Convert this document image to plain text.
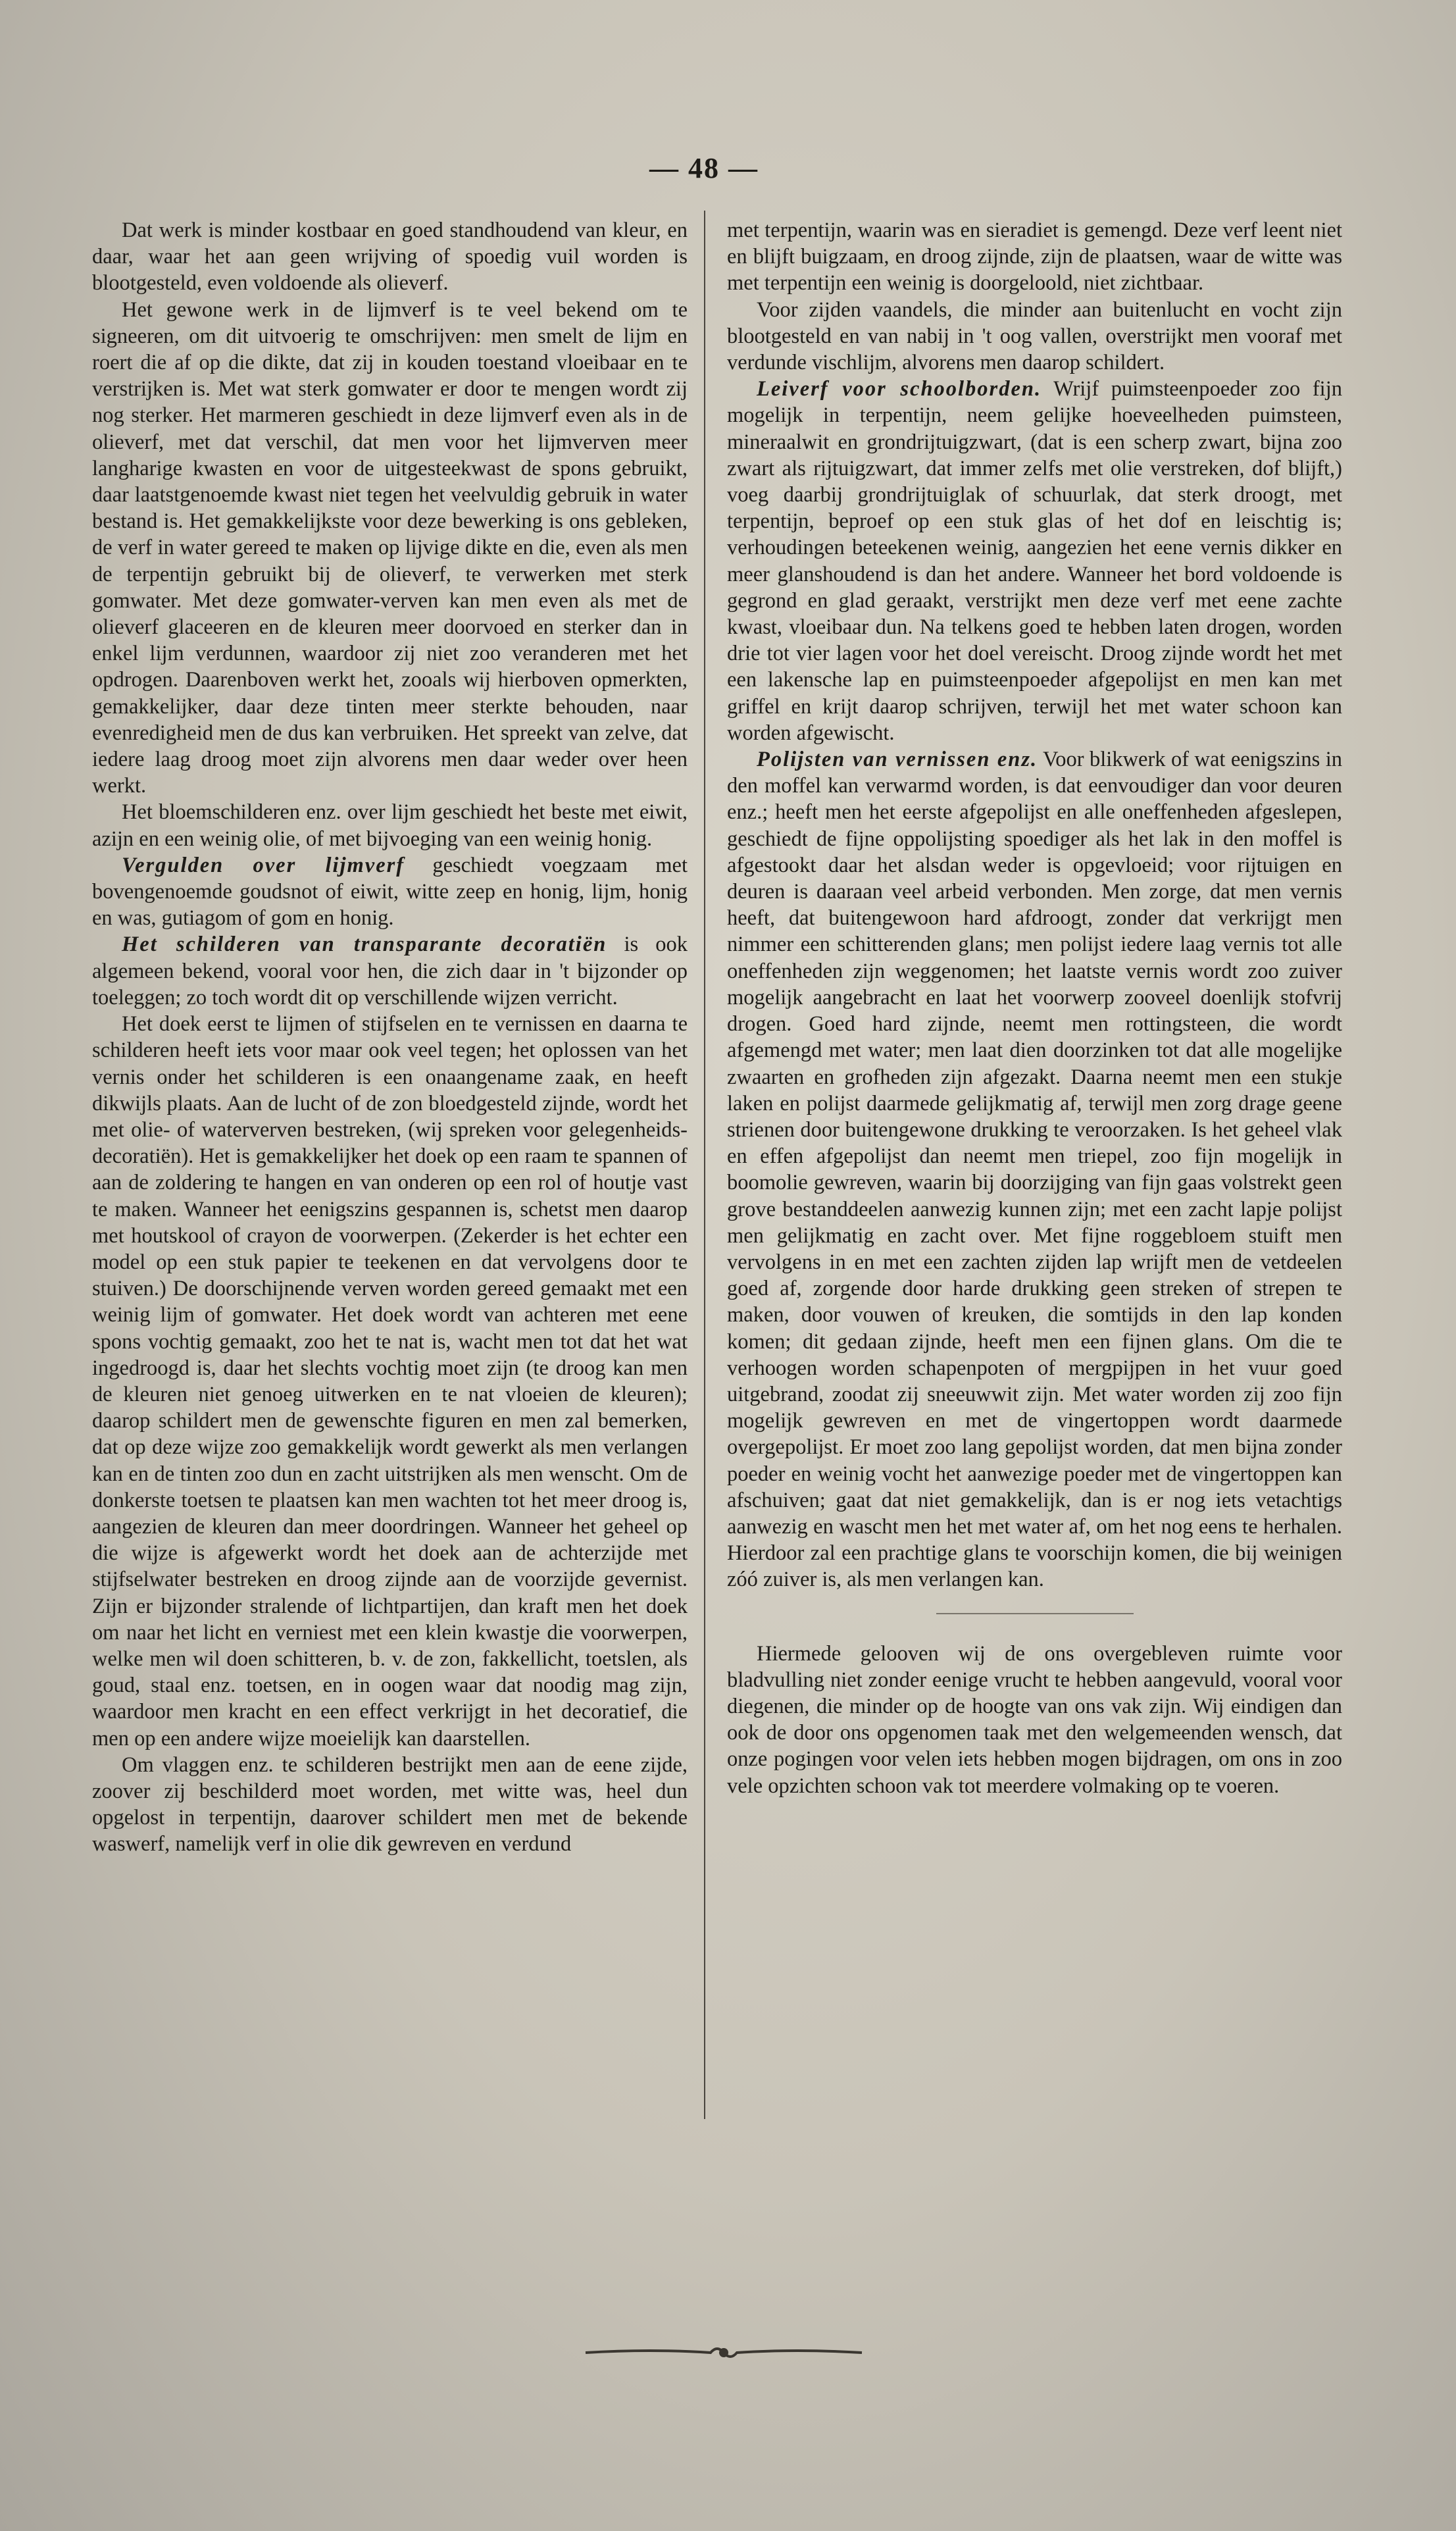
— 48 —

Dat werk is minder kostbaar en goed standhoudend van kleur, en daar, waar het aan geen wrijving of spoedig vuil worden is blootgesteld, even voldoende als olieverf.

Het gewone werk in de lijmverf is te veel bekend om te signeeren, om dit uitvoerig te omschrijven: men smelt de lijm en roert die af op die dikte, dat zij in kouden toestand vloeibaar en te verstrijken is. Met wat sterk gomwater er door te mengen wordt zij nog sterker. Het marmeren geschiedt in deze lijmverf even als in de olieverf, met dat verschil, dat men voor het lijmverven meer langharige kwasten en voor de uitgesteekwast de spons gebruikt, daar laatstgenoemde kwast niet tegen het veelvuldig gebruik in water bestand is. Het gemakkelijkste voor deze bewerking is ons gebleken, de verf in water gereed te maken op lijvige dikte en die, even als men de terpentijn gebruikt bij de olieverf, te verwerken met sterk gomwater. Met deze gomwater-verven kan men even als met de olieverf glaceeren en de kleuren meer doorvoed en sterker dan in enkel lijm verdunnen, waardoor zij niet zoo veranderen met het opdrogen. Daarenboven werkt het, zooals wij hierboven opmerkten, gemakkelijker, daar deze tinten meer sterkte behouden, naar evenredigheid men de dus kan verbruiken. Het spreekt van zelve, dat iedere laag droog moet zijn alvorens men daar weder over heen werkt.

Het bloemschilderen enz. over lijm geschiedt het beste met eiwit, azijn en een weinig olie, of met bijvoeging van een weinig honig.

Vergulden over lijmverf geschiedt voegzaam met bovengenoemde goudsnot of eiwit, witte zeep en honig, lijm, honig en was, gutiagom of gom en honig.

Het schilderen van transparante decoratiën is ook algemeen bekend, vooral voor hen, die zich daar in 't bijzonder op toeleggen; zo toch wordt dit op verschillende wijzen verricht.

Het doek eerst te lijmen of stijfselen en te vernissen en daarna te schilderen heeft iets voor maar ook veel tegen; het oplossen van het vernis onder het schilderen is een onaangename zaak, en heeft dikwijls plaats. Aan de lucht of de zon bloedgesteld zijnde, wordt het met olie- of waterverven bestreken, (wij spreken voor gelegenheids-decoratiën). Het is gemakkelijker het doek op een raam te spannen of aan de zoldering te hangen en van onderen op een rol of houtje vast te maken. Wanneer het eenigszins gespannen is, schetst men daarop met houtskool of crayon de voorwerpen. (Zekerder is het echter een model op een stuk papier te teekenen en dat vervolgens door te stuiven.) De doorschijnende verven worden gereed gemaakt met een weinig lijm of gomwater. Het doek wordt van achteren met eene spons vochtig gemaakt, zoo het te nat is, wacht men tot dat het wat ingedroogd is, daar het slechts vochtig moet zijn (te droog kan men de kleuren niet genoeg uitwerken en te nat vloeien de kleuren); daarop schildert men de gewenschte figuren en men zal bemerken, dat op deze wijze zoo gemakkelijk wordt gewerkt als men verlangen kan en de tinten zoo dun en zacht uitstrijken als men wenscht. Om de donkerste toetsen te plaatsen kan men wachten tot het meer droog is, aangezien de kleuren dan meer doordringen. Wanneer het geheel op die wijze is afgewerkt wordt het doek aan de achterzijde met stijfselwater bestreken en droog zijnde aan de voorzijde gevernist. Zijn er bijzonder stralende of lichtpartijen, dan kraft men het doek om naar het licht en verniest met een klein kwastje die voorwerpen, welke men wil doen schitteren, b. v. de zon, fakkellicht, toetslen, als goud, staal enz. toetsen, en in oogen waar dat noodig mag zijn, waardoor men kracht en een effect verkrijgt in het decoratief, die men op een andere wijze moeielijk kan daarstellen.

Om vlaggen enz. te schilderen bestrijkt men aan de eene zijde, zoover zij beschilderd moet worden, met witte was, heel dun opgelost in terpentijn, daarover schildert men met de bekende waswerf, namelijk verf in olie dik gewreven en verdund

met terpentijn, waarin was en sieradiet is gemengd. Deze verf leent niet en blijft buigzaam, en droog zijnde, zijn de plaatsen, waar de witte was met terpentijn een weinig is doorgeloold, niet zichtbaar.

Voor zijden vaandels, die minder aan buitenlucht en vocht zijn blootgesteld en van nabij in 't oog vallen, overstrijkt men vooraf met verdunde vischlijm, alvorens men daarop schildert.

Leiverf voor schoolborden. Wrijf puimsteenpoeder zoo fijn mogelijk in terpentijn, neem gelijke hoeveelheden puimsteen, mineraalwit en grondrijtuigzwart, (dat is een scherp zwart, bijna zoo zwart als rijtuigzwart, dat immer zelfs met olie verstreken, dof blijft,) voeg daarbij grondrijtuiglak of schuurlak, dat sterk droogt, met terpentijn, beproef op een stuk glas of het dof en leischtig is; verhoudingen beteekenen weinig, aangezien het eene vernis dikker en meer glanshoudend is dan het andere. Wanneer het bord voldoende is gegrond en glad geraakt, verstrijkt men deze verf met eene zachte kwast, vloeibaar dun. Na telkens goed te hebben laten drogen, worden drie tot vier lagen voor het doel vereischt. Droog zijnde wordt het met een lakensche lap en puimsteenpoeder afgepolijst en men kan met griffel en krijt daarop schrijven, terwijl het met water schoon kan worden afgewischt.

Polijsten van vernissen enz. Voor blikwerk of wat eenigszins in den moffel kan verwarmd worden, is dat eenvoudiger dan voor deuren enz.; heeft men het eerste afgepolijst en alle oneffenheden afgeslepen, geschiedt de fijne oppolijsting spoediger als het lak in den moffel is afgestookt daar het alsdan weder is opgevloeid; voor rijtuigen en deuren is daaraan veel arbeid verbonden. Men zorge, dat men vernis heeft, dat buitengewoon hard afdroogt, zonder dat verkrijgt men nimmer een schitterenden glans; men polijst iedere laag vernis tot alle oneffenheden zijn weggenomen; het laatste vernis wordt zoo zuiver mogelijk aangebracht en laat het voorwerp zooveel doenlijk stofvrij drogen. Goed hard zijnde, neemt men rottingsteen, die wordt afgemengd met water; men laat dien doorzinken tot dat alle mogelijke zwaarten en grofheden zijn afgezakt. Daarna neemt men een stukje laken en polijst daarmede gelijkmatig af, terwijl men zorg drage geene strienen door buitengewone drukking te veroorzaken. Is het geheel vlak en effen afgepolijst dan neemt men triepel, zoo fijn mogelijk in boomolie gewreven, waarin bij doorzijging van fijn gaas volstrekt geen grove bestanddeelen aanwezig kunnen zijn; met een zacht lapje polijst men gelijkmatig en zacht over. Met fijne roggebloem stuift men vervolgens in en met een zachten zijden lap wrijft men de vetdeelen goed af, zorgende door harde drukking geen streken of strepen te maken, door vouwen of kreuken, die somtijds in den lap konden komen; dit gedaan zijnde, heeft men een fijnen glans. Om die te verhoogen worden schapenpoten of mergpijpen in het vuur goed uitgebrand, zoodat zij sneeuwwit zijn. Met water worden zij zoo fijn mogelijk gewreven en met de vingertoppen wordt daarmede overgepolijst. Er moet zoo lang gepolijst worden, dat men bijna zonder poeder en weinig vocht het aanwezige poeder met de vingertoppen kan afschuiven; gaat dat niet gemakkelijk, dan is er nog iets vetachtigs aanwezig en wascht men het met water af, om het nog eens te herhalen. Hierdoor zal een prachtige glans te voorschijn komen, die bij weinigen zóó zuiver is, als men verlangen kan.

Hiermede gelooven wij de ons overgebleven ruimte voor bladvulling niet zonder eenige vrucht te hebben aangevuld, vooral voor diegenen, die minder op de hoogte van ons vak zijn. Wij eindigen dan ook de door ons opgenomen taak met den welgemeenden wensch, dat onze pogingen voor velen iets hebben mogen bijdragen, om ons in zoo vele opzichten schoon vak tot meerdere volmaking op te voeren.
